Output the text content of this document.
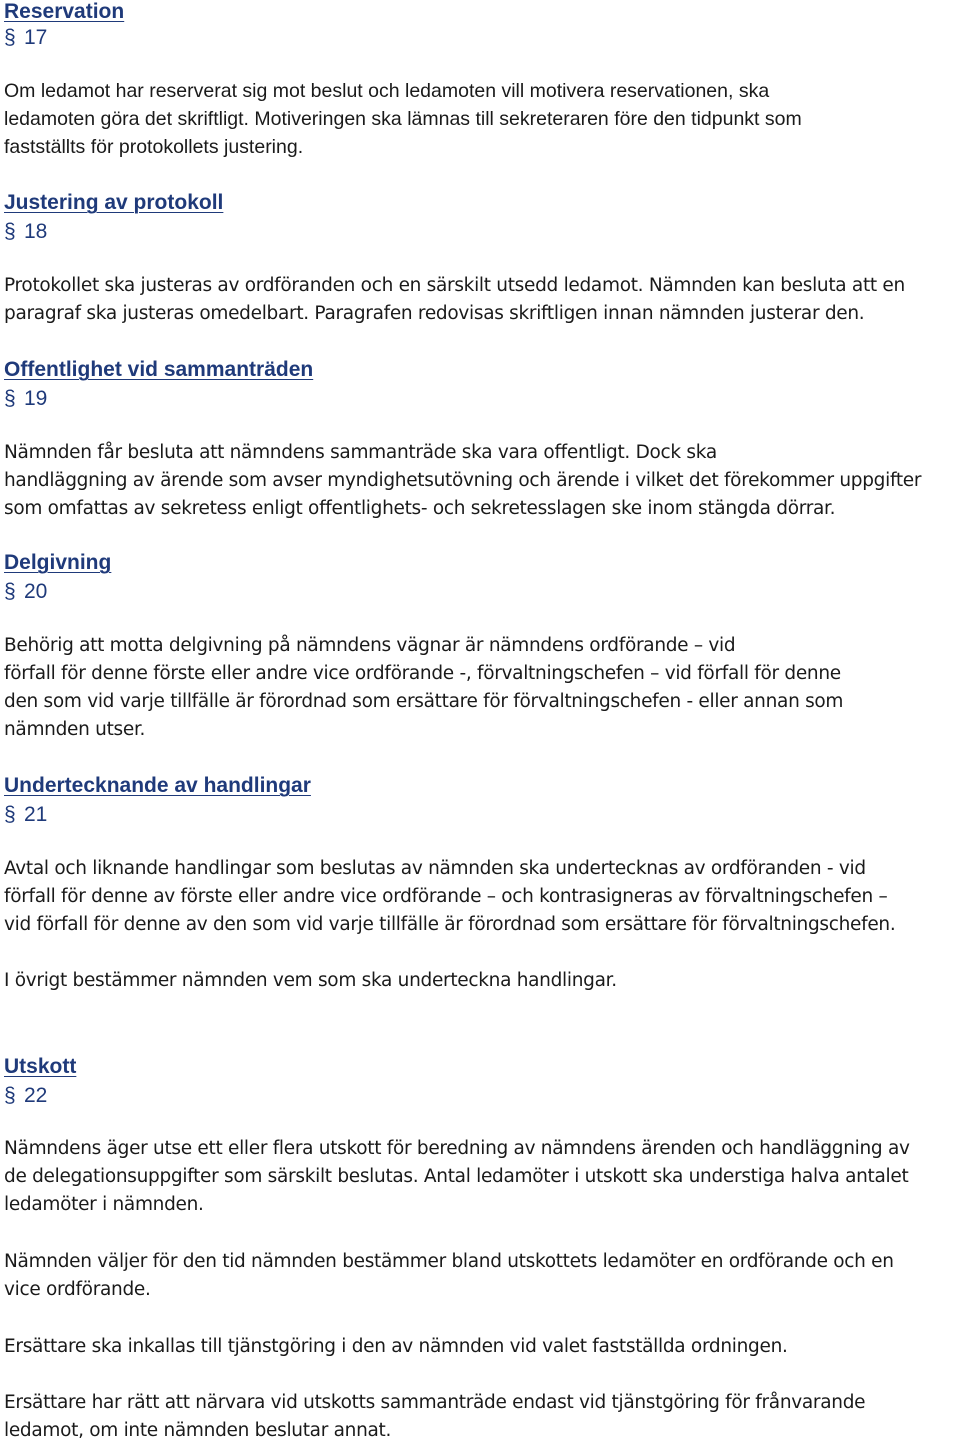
Reservation
§ 17
Om ledamot har reserverat sig mot beslut och ledamoten vill motivera reservationen, ska
ledamoten göra det skriftligt. Motiveringen ska lämnas till sekreteraren före den tidpunkt som
fastställts för protokollets justering.
Justering av protokoll
§ 18
Protokollet ska justeras av ordföranden och en särskilt utsedd ledamot. Nämnden kan besluta att en
paragraf ska justeras omedelbart. Paragrafen redovisas skriftligen innan nämnden justerar den.
Offentlighet vid sammanträden
§ 19
Nämnden får besluta att nämndens sammanträde ska vara offentligt. Dock ska
handläggning av ärende som avser myndighetsutövning och ärende i vilket det förekommer uppgifter
som omfattas av sekretess enligt offentlighets- och sekretesslagen ske inom stängda dörrar.
Delgivning
§ 20
Behörig att motta delgivning på nämndens vägnar är nämndens ordförande – vid
förfall för denne förste eller andre vice ordförande -, förvaltningschefen – vid förfall för denne
den som vid varje tillfälle är förordnad som ersättare för förvaltningschefen - eller annan som
nämnden utser.
Undertecknande av handlingar
§ 21
Avtal och liknande handlingar som beslutas av nämnden ska undertecknas av ordföranden - vid
förfall för denne av förste eller andre vice ordförande – och kontrasigneras av förvaltningschefen –
vid förfall för denne av den som vid varje tillfälle är förordnad som ersättare för förvaltningschefen.
I övrigt bestämmer nämnden vem som ska underteckna handlingar.
Utskott
§ 22
Nämndens äger utse ett eller flera utskott för beredning av nämndens ärenden och handläggning av
de delegationsuppgifter som särskilt beslutas. Antal ledamöter i utskott ska understiga halva antalet
ledamöter i nämnden.
Nämnden väljer för den tid nämnden bestämmer bland utskottets ledamöter en ordförande och en
vice ordförande.
Ersättare ska inkallas till tjänstgöring i den av nämnden vid valet fastställda ordningen.
Ersättare har rätt att närvara vid utskotts sammanträde endast vid tjänstgöring för frånvarande
ledamot, om inte nämnden beslutar annat.
